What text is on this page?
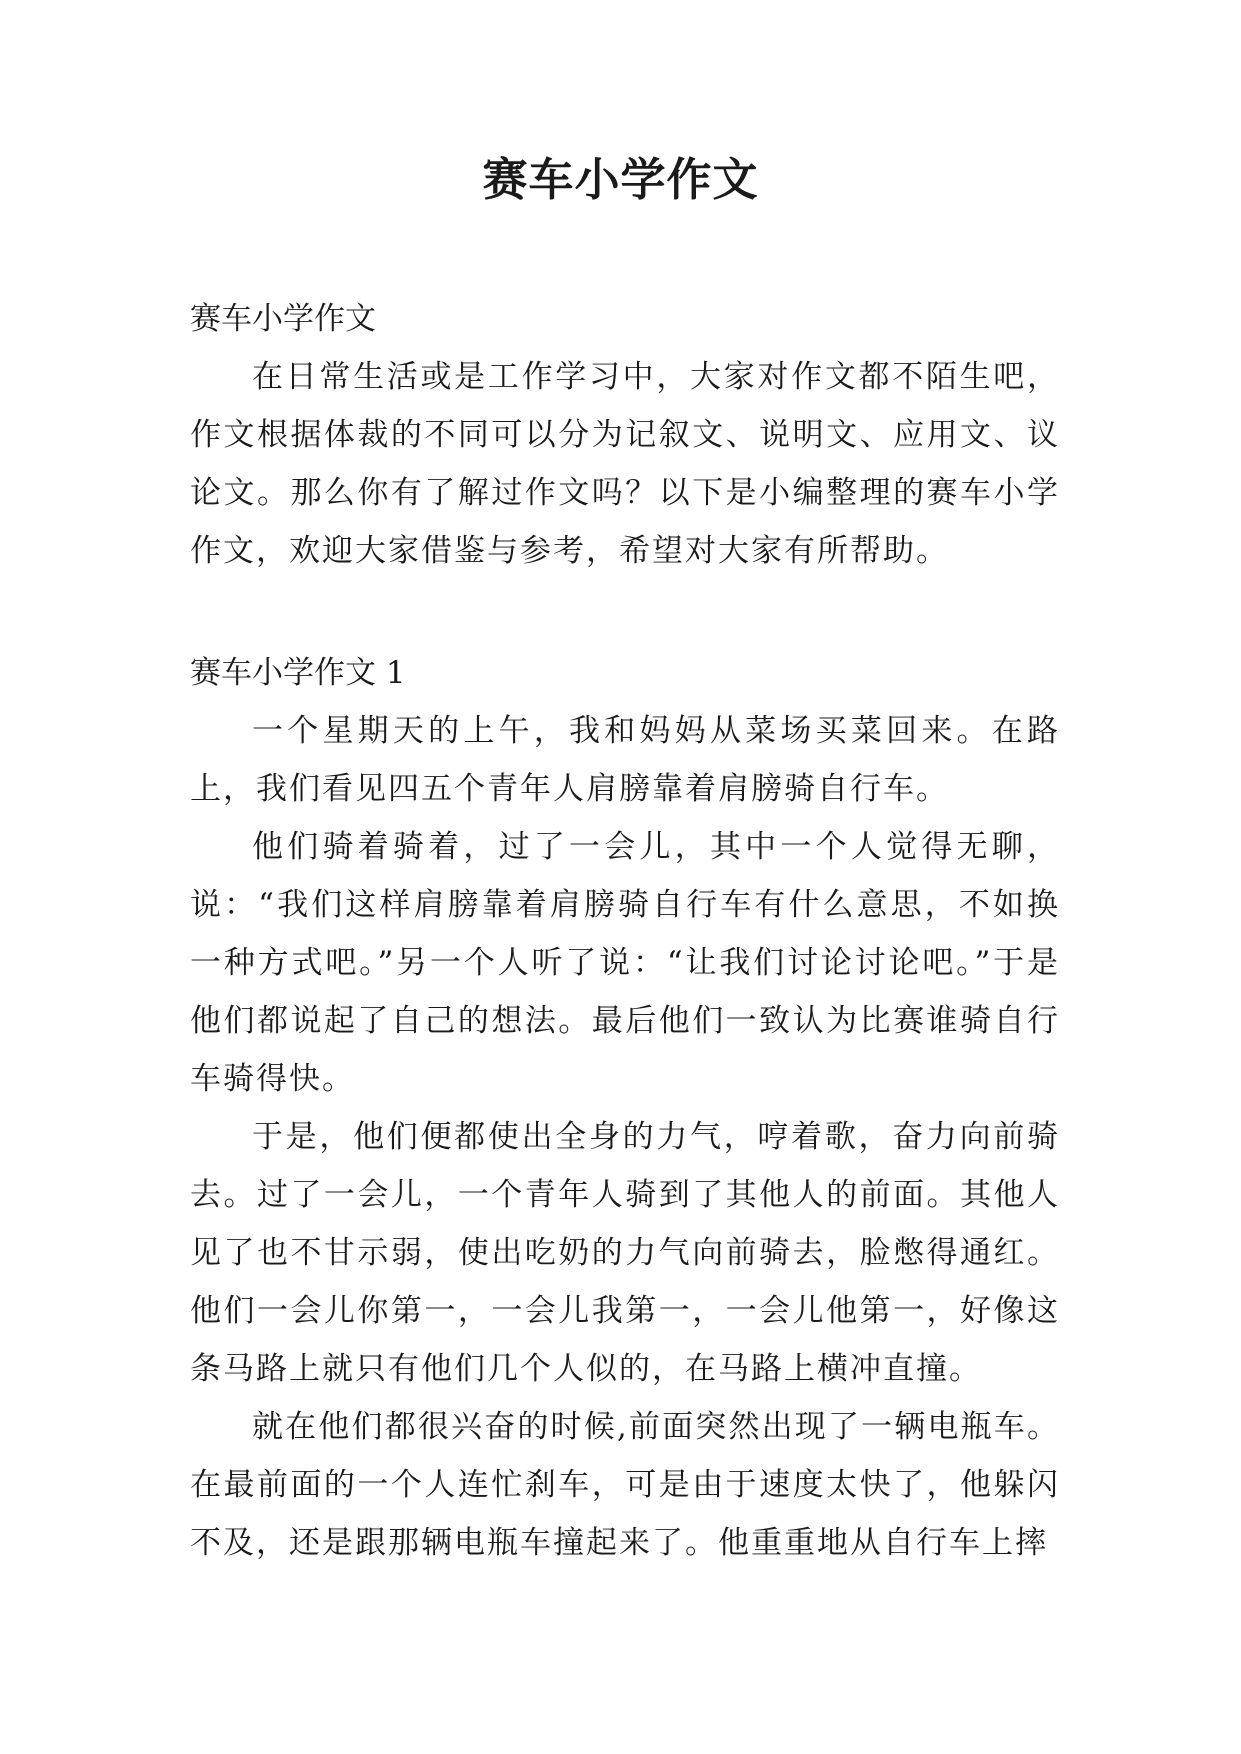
赛车小学作文

赛车小学作文

在日常生活或是工作学习中，大家对作文都不陌生吧，作文根据体裁的不同可以分为记叙文、说明文、应用文、议论文。那么你有了解过作文吗？以下是小编整理的赛车小学作文，欢迎大家借鉴与参考，希望对大家有所帮助。

赛车小学作文 1

一个星期天的上午，我和妈妈从菜场买菜回来。在路上，我们看见四五个青年人肩膀靠着肩膀骑自行车。

他们骑着骑着，过了一会儿，其中一个人觉得无聊，说：“我们这样肩膀靠着肩膀骑自行车有什么意思，不如换一种方式吧。”另一个人听了说：“让我们讨论讨论吧。”于是他们都说起了自己的想法。最后他们一致认为比赛谁骑自行车骑得快。

于是，他们便都使出全身的力气，哼着歌，奋力向前骑去。过了一会儿，一个青年人骑到了其他人的前面。其他人见了也不甘示弱，使出吃奶的力气向前骑去，脸憋得通红。他们一会儿你第一，一会儿我第一，一会儿他第一，好像这条马路上就只有他们几个人似的，在马路上横冲直撞。

就在他们都很兴奋的时候,前面突然出现了一辆电瓶车。在最前面的一个人连忙刹车，可是由于速度太快了，他躲闪不及，还是跟那辆电瓶车撞起来了。他重重地从自行车上摔
